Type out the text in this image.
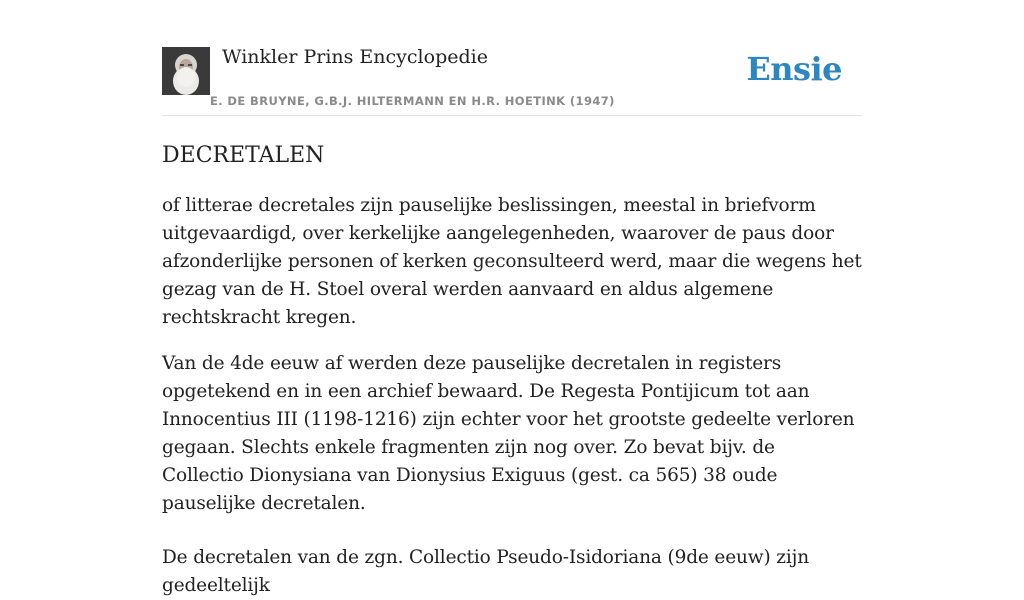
Winkler Prins Encyclopedie
E. DE BRUYNE, G.B.J. HILTERMANN EN H.R. HOETINK (1947)
Ensie
DECRETALEN

of litterae decretales zijn pauselijke beslissingen, meestal in briefvorm uitgevaardigd, over kerkelijke aangelegenheden, waarover de paus door afzonderlijke personen of kerken geconsulteerd werd, maar die wegens het gezag van de H. Stoel overal werden aanvaard en aldus algemene rechtskracht kregen.

Van de 4de eeuw af werden deze pauselijke decretalen in registers opgetekend en in een archief bewaard. De Regesta Pontijicum tot aan Innocentius III (1198-1216) zijn echter voor het grootste gedeelte verloren gegaan. Slechts enkele fragmenten zijn nog over. Zo bevat bijv. de Collectio Dionysiana van Dionysius Exiguus (gest. ca 565) 38 oude pauselijke decretalen.

De decretalen van de zgn. Collectio Pseudo-Isidoriana (9de eeuw) zijn gedeeltelijk
